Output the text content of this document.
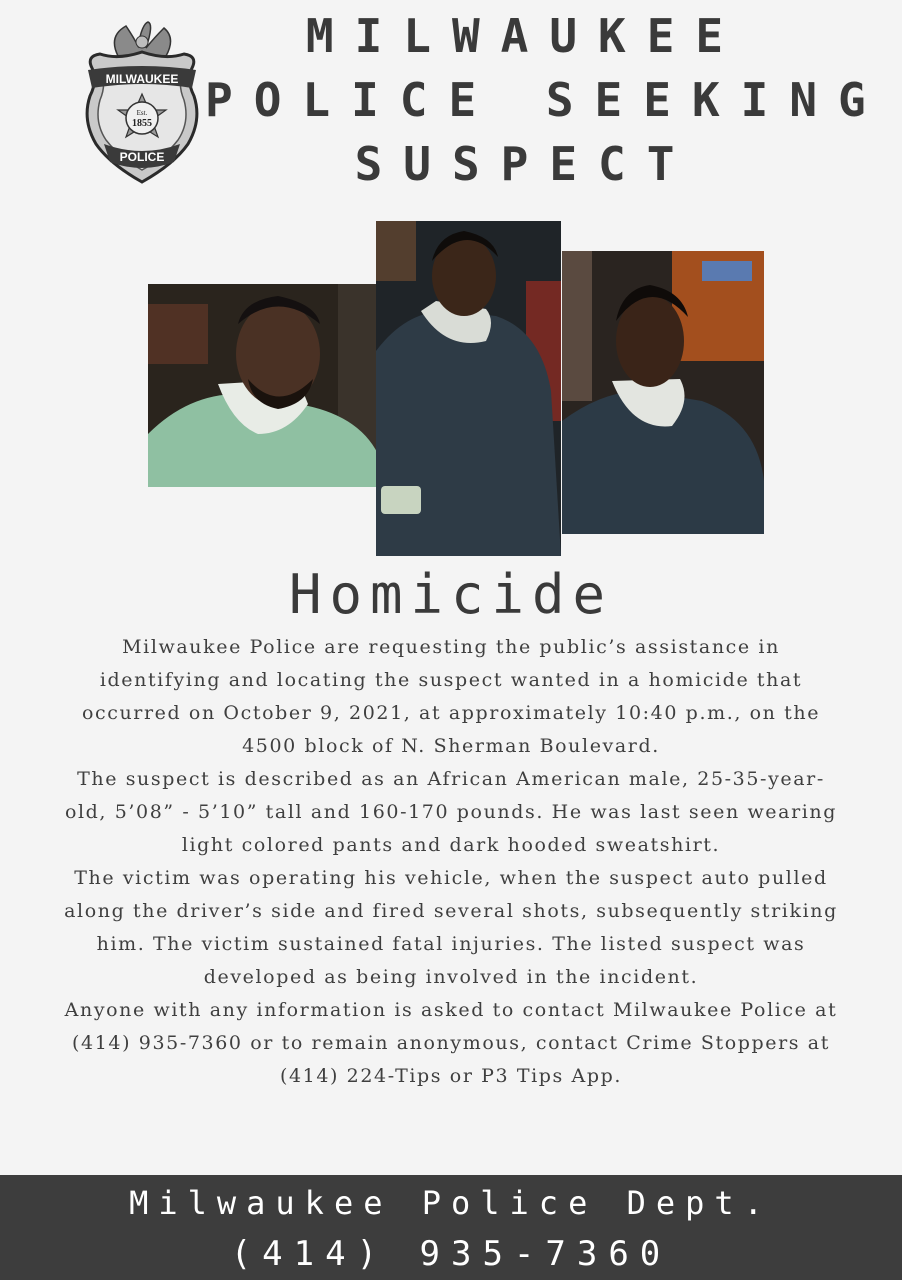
MILWAUKEE
Est.
1855
POLICE
MILWAUKEE
POLICE SEEKING
SUSPECT
Homicide

Milwaukee Police are requesting the public’s assistance in identifying and locating the suspect wanted in a homicide that occurred on October 9, 2021, at approximately 10:40 p.m., on the 4500 block of N. Sherman Boulevard.

The suspect is described as an African American male, 25-35-year-old, 5’08” - 5’10” tall and 160-170 pounds. He was last seen wearing light colored pants and dark hooded sweatshirt.

The victim was operating his vehicle, when the suspect auto pulled along the driver’s side and fired several shots, subsequently striking him. The victim sustained fatal injuries. The listed suspect was developed as being involved in the incident.

Anyone with any information is asked to contact Milwaukee Police at (414) 935-7360 or to remain anonymous, contact Crime Stoppers at (414) 224-Tips or P3 Tips App.

Milwaukee Police Dept.
(414) 935-7360
